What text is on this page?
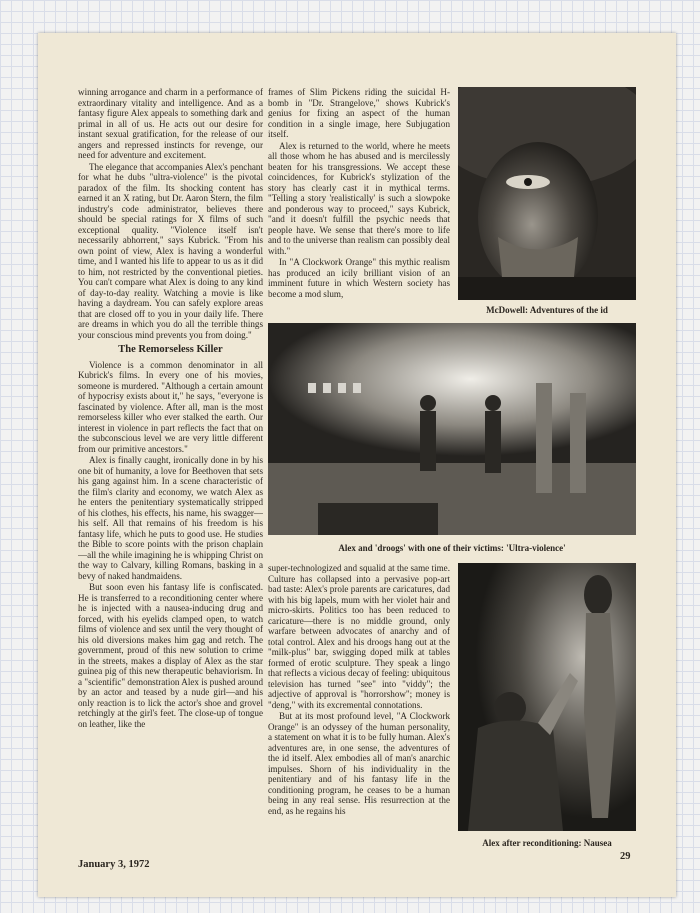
winning arrogance and charm in a performance of extraordinary vitality and intelligence. And as a fantasy figure Alex appeals to something dark and primal in all of us. He acts out our desire for instant sexual gratification, for the release of our angers and repressed instincts for revenge, our need for adventure and excitement.

The elegance that accompanies Alex's penchant for what he dubs "ultra-violence" is the pivotal paradox of the film. Its shocking content has earned it an X rating, but Dr. Aaron Stern, the film industry's code administrator, believes there should be special ratings for X films of such exceptional quality. "Violence itself isn't necessarily abhorrent," says Kubrick. "From his own point of view, Alex is having a wonderful time, and I wanted his life to appear to us as it did to him, not restricted by the conventional pieties. You can't compare what Alex is doing to any kind of day-to-day reality. Watching a movie is like having a daydream. You can safely explore areas that are closed off to you in your daily life. There are dreams in which you do all the terrible things your conscious mind prevents you from doing."

The Remorseless Killer

Violence is a common denominator in all Kubrick's films. In every one of his movies, someone is murdered. "Although a certain amount of hypocrisy exists about it," he says, "everyone is fascinated by violence. After all, man is the most remorseless killer who ever stalked the earth. Our interest in violence in part reflects the fact that on the subconscious level we are very little different from our primitive ancestors."

Alex is finally caught, ironically done in by his one bit of humanity, a love for Beethoven that sets his gang against him. In a scene characteristic of the film's clarity and economy, we watch Alex as he enters the penitentiary systematically stripped of his clothes, his effects, his name, his swagger—his self. All that remains of his freedom is his fantasy life, which he puts to good use. He studies the Bible to score points with the prison chaplain—all the while imagining he is whipping Christ on the way to Calvary, killing Romans, basking in a bevy of naked handmaidens.

But soon even his fantasy life is confiscated. He is transferred to a reconditioning center where he is injected with a nausea-inducing drug and forced, with his eyelids clamped open, to watch films of violence and sex until the very thought of his old diversions makes him gag and retch. The government, proud of this new solution to crime in the streets, makes a display of Alex as the star guinea pig of this new therapeutic behaviorism. In a "scientific" demonstration Alex is pushed around by an actor and teased by a nude girl—and his only reaction is to lick the actor's shoe and grovel retchingly at the girl's feet. The close-up of tongue on leather, like the

frames of Slim Pickens riding the suicidal H-bomb in "Dr. Strangelove," shows Kubrick's genius for fixing an aspect of the human condition in a single image, here Subjugation itself.

Alex is returned to the world, where he meets all those whom he has abused and is mercilessly beaten for his transgressions. We accept these coincidences, for Kubrick's stylization of the story has clearly cast it in mythical terms. "Telling a story 'realistically' is such a slowpoke and ponderous way to proceed," says Kubrick, "and it doesn't fulfill the psychic needs that people have. We sense that there's more to life and to the universe than realism can possibly deal with."

In "A Clockwork Orange" this mythic realism has produced an icily brilliant vision of an imminent future in which Western society has become a mod slum,

McDowell: Adventures of the id
Alex and 'droogs' with one of their victims: 'Ultra-violence'

super-technologized and squalid at the same time. Culture has collapsed into a pervasive pop-art bad taste: Alex's prole parents are caricatures, dad with his big lapels, mum with her violet hair and micro-skirts. Politics too has been reduced to caricature—there is no middle ground, only warfare between advocates of anarchy and of total control. Alex and his droogs hang out at the "milk-plus" bar, swigging doped milk at tables formed of erotic sculpture. They speak a lingo that reflects a vicious decay of feeling: ubiquitous television has turned "see" into "viddy"; the adjective of approval is "horrorshow"; money is "deng," with its excremental connotations.

But at its most profound level, "A Clockwork Orange" is an odyssey of the human personality, a statement on what it is to be fully human. Alex's adventures are, in one sense, the adventures of the id itself. Alex embodies all of man's anarchic impulses. Shorn of his individuality in the penitentiary and of his fantasy life in the conditioning program, he ceases to be a human being in any real sense. His resurrection at the end, as he regains his

Alex after reconditioning: Nausea
January 3, 1972
29
